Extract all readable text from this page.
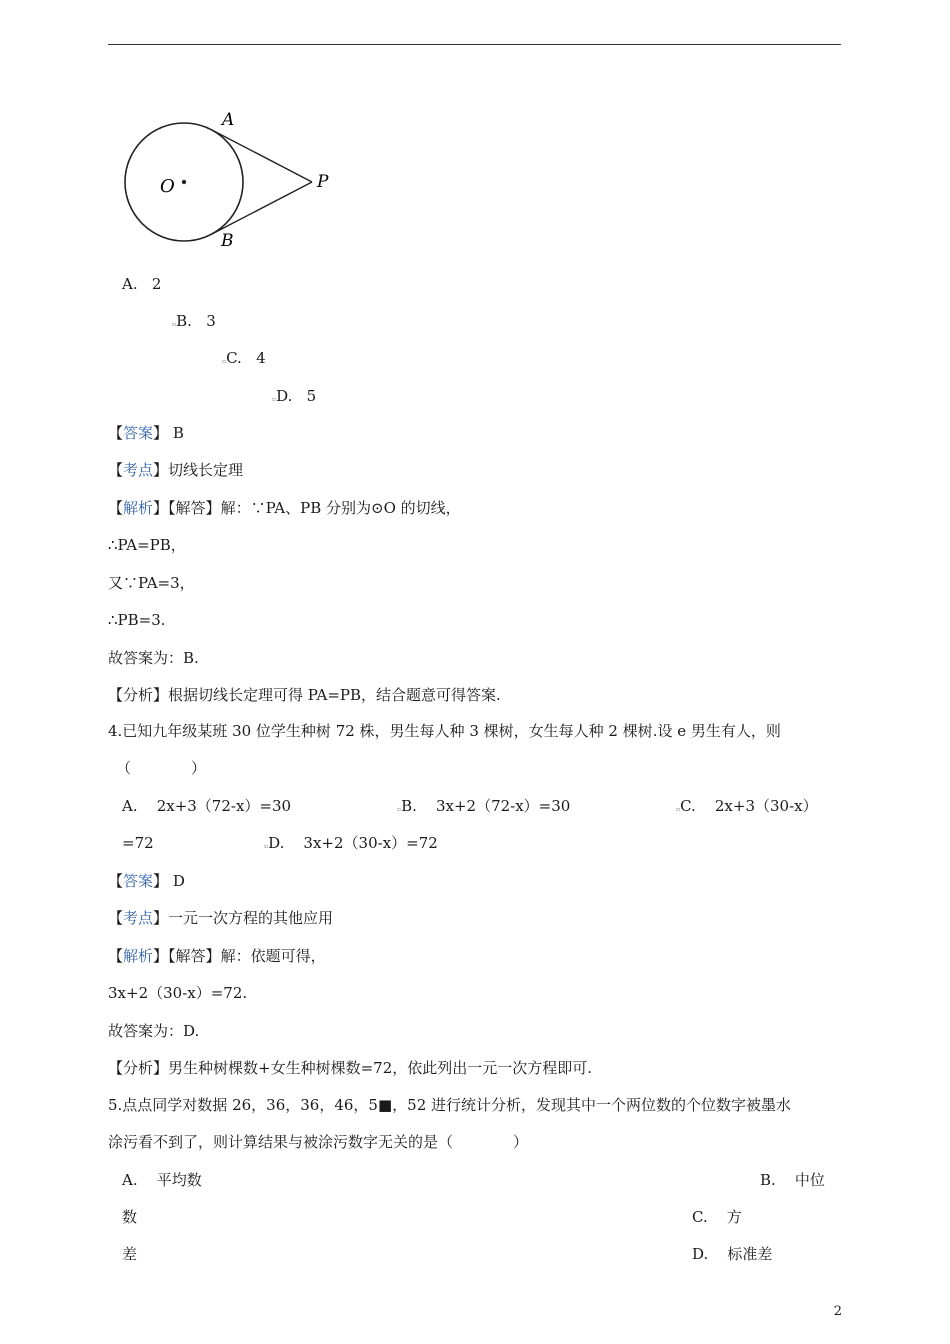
A
B
O	P
A. 2
▫B. 3
▫C. 4
▫D. 5
【答案】 B
【考点】切线长定理
【解析】【解答】解：∵PA、PB 分别为⊙O 的切线，
∴PA=PB，
又∵PA=3，
∴PB=3.
故答案为：B.
【分析】根据切线长定理可得 PA=PB，结合题意可得答案.
4.已知九年级某班 30 位学生种树 72 株，男生每人种 3 棵树，女生每人种 2 棵树.设 e 男生有人，则
（　　　　）
A. 2x+3（72-x）=30	▫B. 3x+2（72-x）=30	▫C. 2x+3（30-x）
=72	▫D. 3x+2（30-x）=72
【答案】 D
【考点】一元一次方程的其他应用
【解析】【解答】解：依题可得，
3x+2（30-x）=72.
故答案为：D.
【分析】男生种树棵数+女生种树棵数=72，依此列出一元一次方程即可.
5.点点同学对数据 26，36，36，46，5■，52 进行统计分析，发现其中一个两位数的个位数字被墨水
涂污看不到了，则计算结果与被涂污数字无关的是（　　　　）
A. 平均数	B. 中位
数	C. 方
差	D. 标准差
2
